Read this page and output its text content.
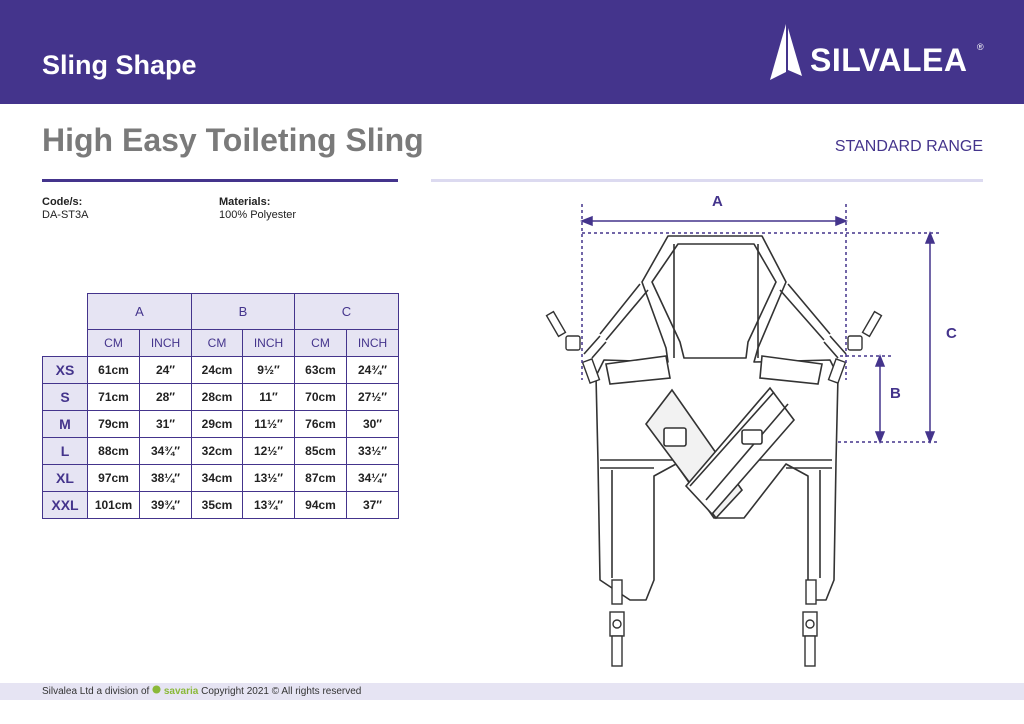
Sling Shape	SILVALEA ®
High Easy Toileting Sling	STANDARD RANGE
Code/s:
DA-ST3A
Materials:
100% Polyester
	A		B		C	
	CM	INCH	CM	INCH	CM	INCH
XS	61cm	24″	24cm	9½″	63cm	24¾″
S	71cm	28″	28cm	11″	70cm	27½″
M	79cm	31″	29cm	11½″	76cm	30″
L	88cm	34¾″	32cm	12½″	85cm	33½″
XL	97cm	38¼″	34cm	13½″	87cm	34¼″
XXL	101cm	39¾″	35cm	13¾″	94cm	37″
A
B
C
Silvalea Ltd a division of savaria Copyright 2021 © All rights reserved
